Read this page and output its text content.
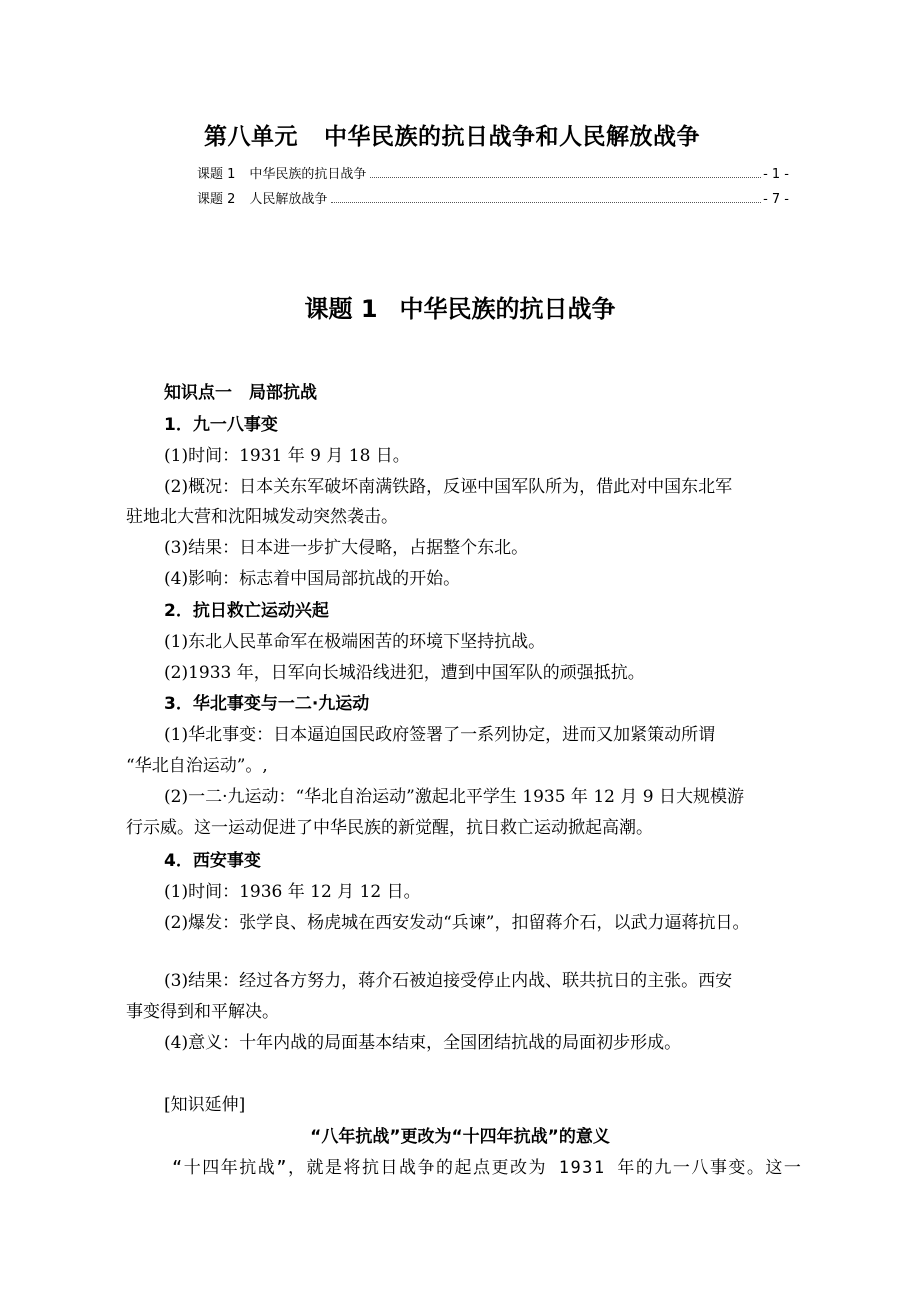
第八单元 中华民族的抗日战争和人民解放战争
课题 1 中华民族的抗日战争	- 1 -
课题 2 人民解放战争	- 7 -
课题 1 中华民族的抗日战争
知识点一　局部抗战
1．九一八事变
(1)时间：1931 年 9 月 18 日。
(2)概况：日本关东军破坏南满铁路，反诬中国军队所为，借此对中国东北军
驻地北大营和沈阳城发动突然袭击。
(3)结果：日本进一步扩大侵略，占据整个东北。
(4)影响：标志着中国局部抗战的开始。
2．抗日救亡运动兴起
(1)东北人民革命军在极端困苦的环境下坚持抗战。
(2)1933 年，日军向长城沿线进犯，遭到中国军队的顽强抵抗。
3．华北事变与一二·九运动
(1)华北事变：日本逼迫国民政府签署了一系列协定，进而又加紧策动所谓
“华北自治运动”。,
(2)一二·九运动：“华北自治运动”激起北平学生 1935 年 12 月 9 日大规模游
行示威。这一运动促进了中华民族的新觉醒，抗日救亡运动掀起高潮。
4．西安事变
(1)时间：1936 年 12 月 12 日。
(2)爆发：张学良、杨虎城在西安发动“兵谏”，扣留蒋介石，以武力逼蒋抗日。
(3)结果：经过各方努力，蒋介石被迫接受停止内战、联共抗日的主张。西安
事变得到和平解决。
(4)意义：十年内战的局面基本结束，全国团结抗战的局面初步形成。
[知识延伸]
“八年抗战”更改为“十四年抗战”的意义
“十四年抗战”，就是将抗日战争的起点更改为 1931 年的九一八事变。这一
